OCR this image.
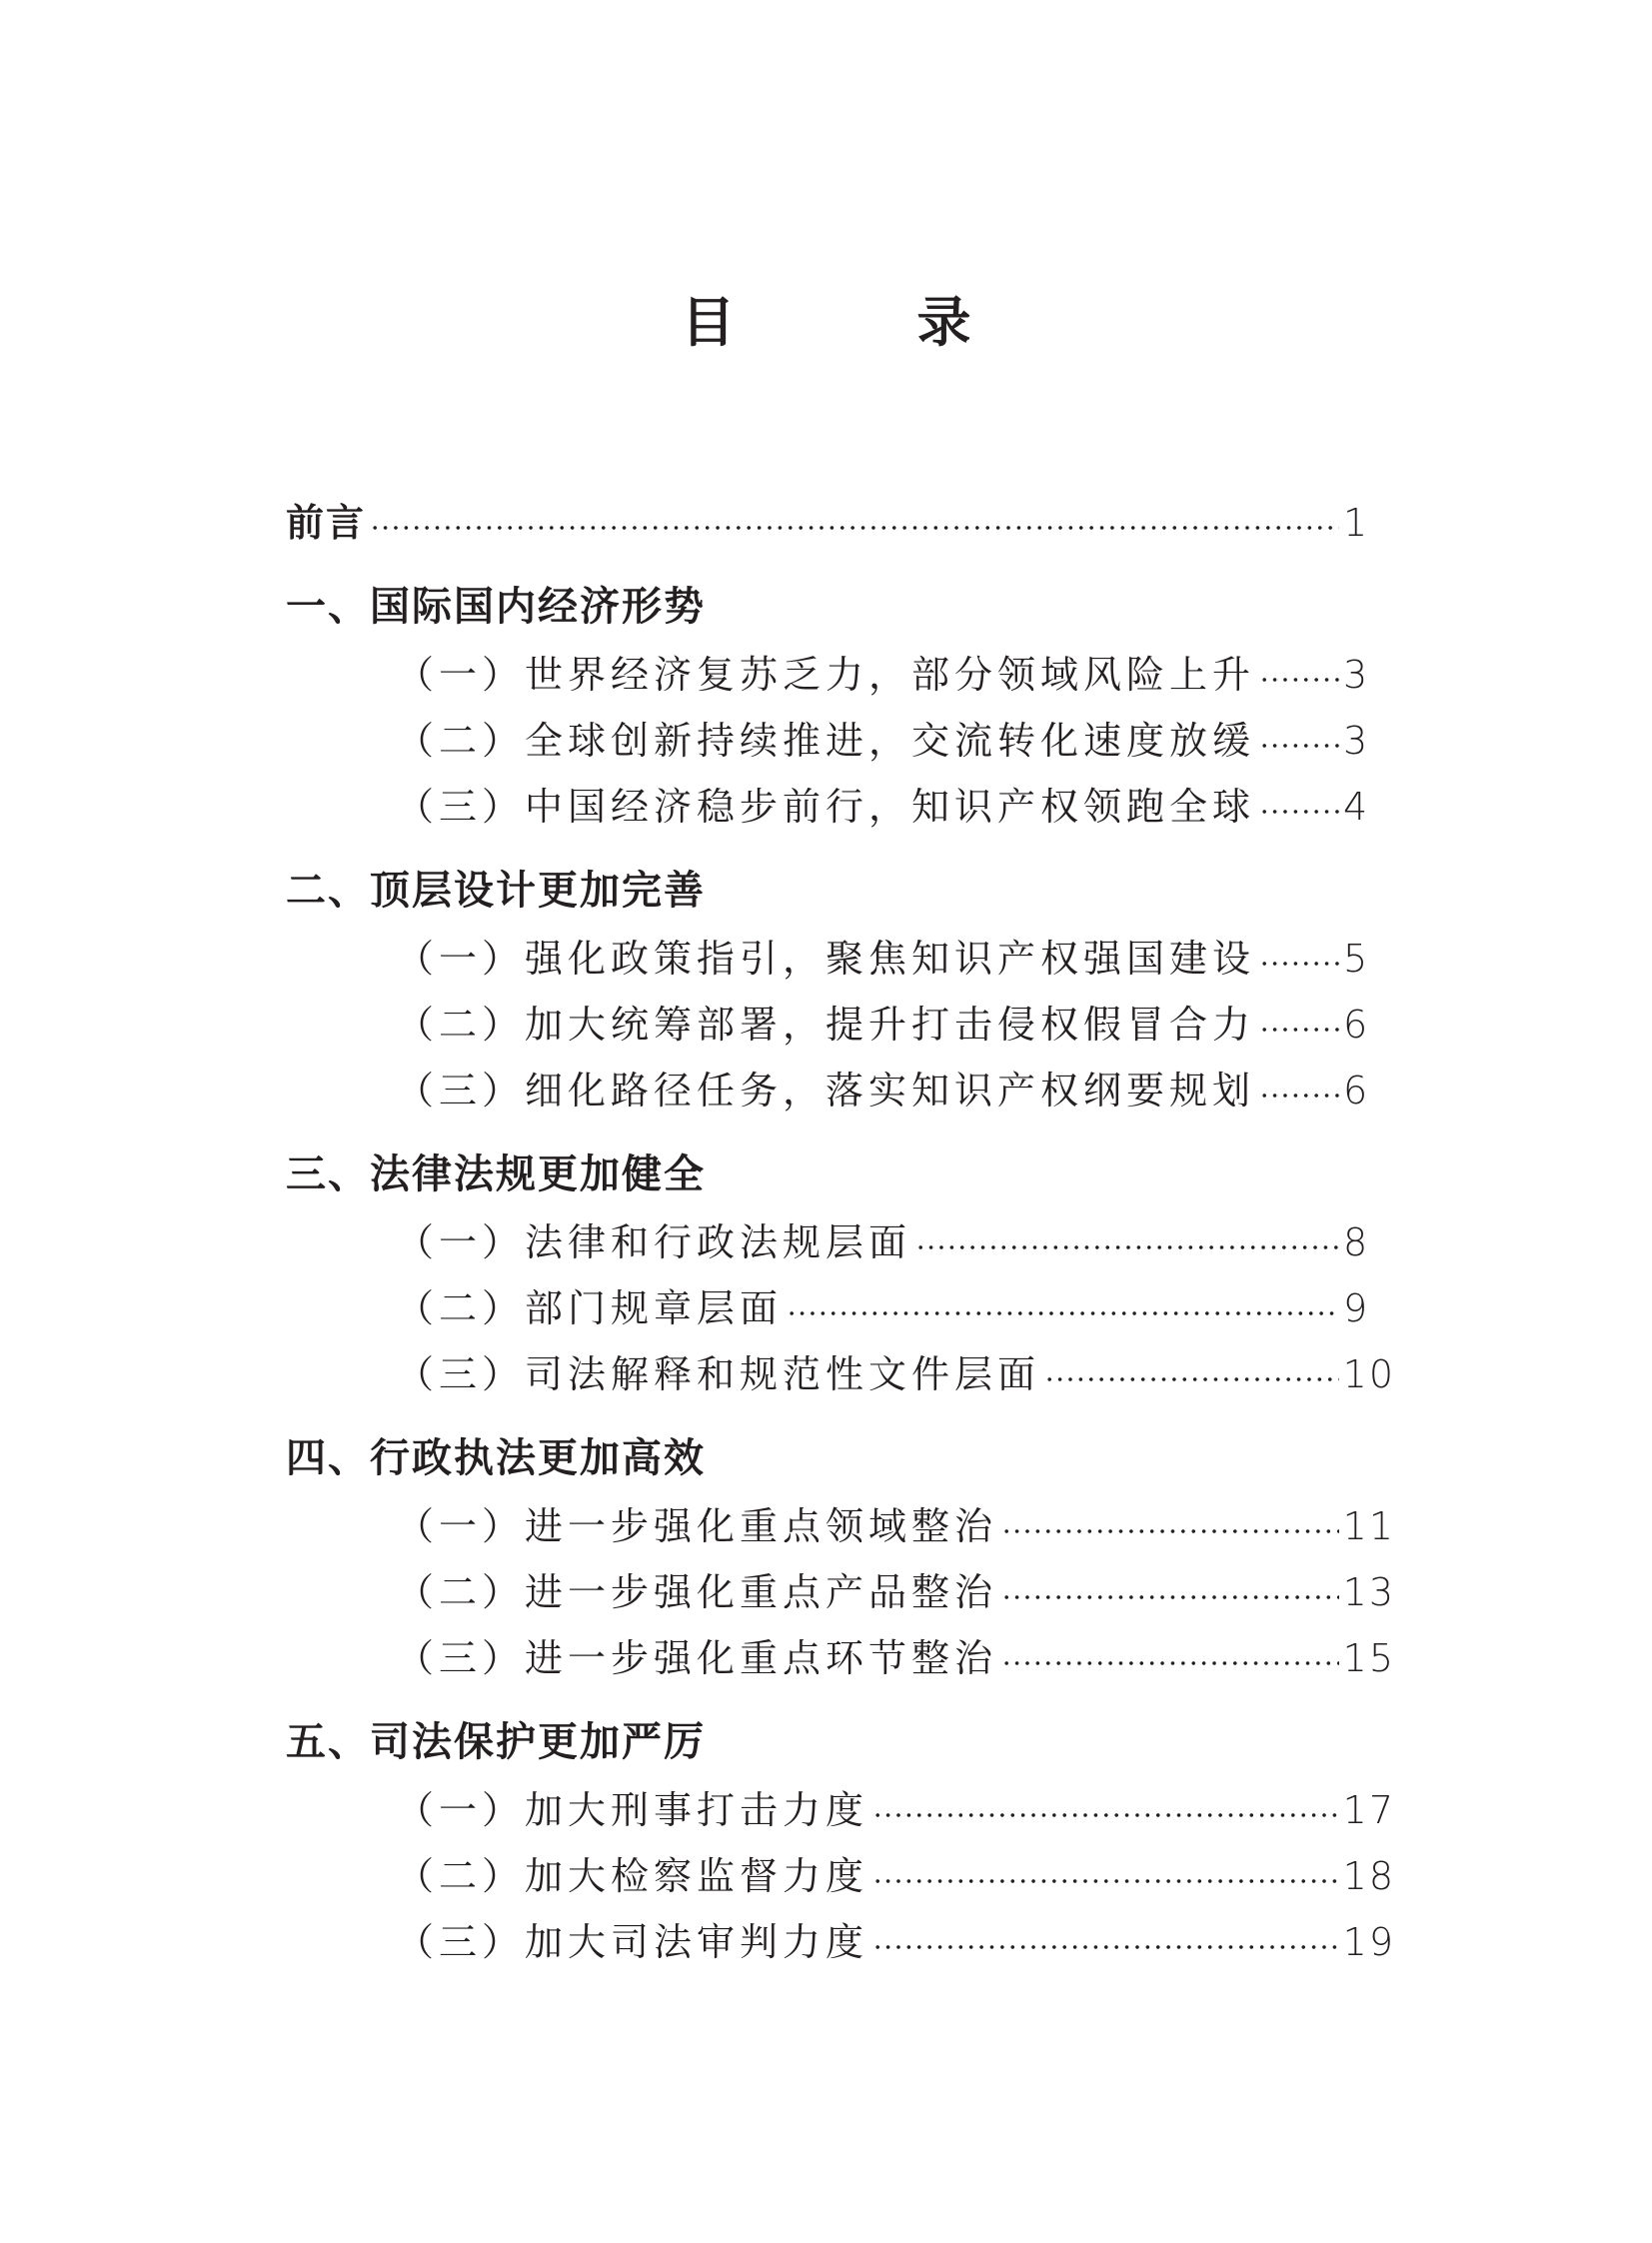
目　录
前言	1
一、国际国内经济形势
（一）世界经济复苏乏力，部分领域风险上升 3
（二）全球创新持续推进，交流转化速度放缓 3
（三）中国经济稳步前行，知识产权领跑全球 4
二、顶层设计更加完善
（一）强化政策指引，聚焦知识产权强国建设 5
（二）加大统筹部署，提升打击侵权假冒合力 6
（三）细化路径任务，落实知识产权纲要规划 6
三、法律法规更加健全
（一）法律和行政法规层面	8
（二）部门规章层面	9
（三）司法解释和规范性文件层面	10
四、行政执法更加高效
（一）进一步强化重点领域整治	11
（二）进一步强化重点产品整治	13
（三）进一步强化重点环节整治	15
五、司法保护更加严厉
（一）加大刑事打击力度	17
（二）加大检察监督力度	18
（三）加大司法审判力度	19
